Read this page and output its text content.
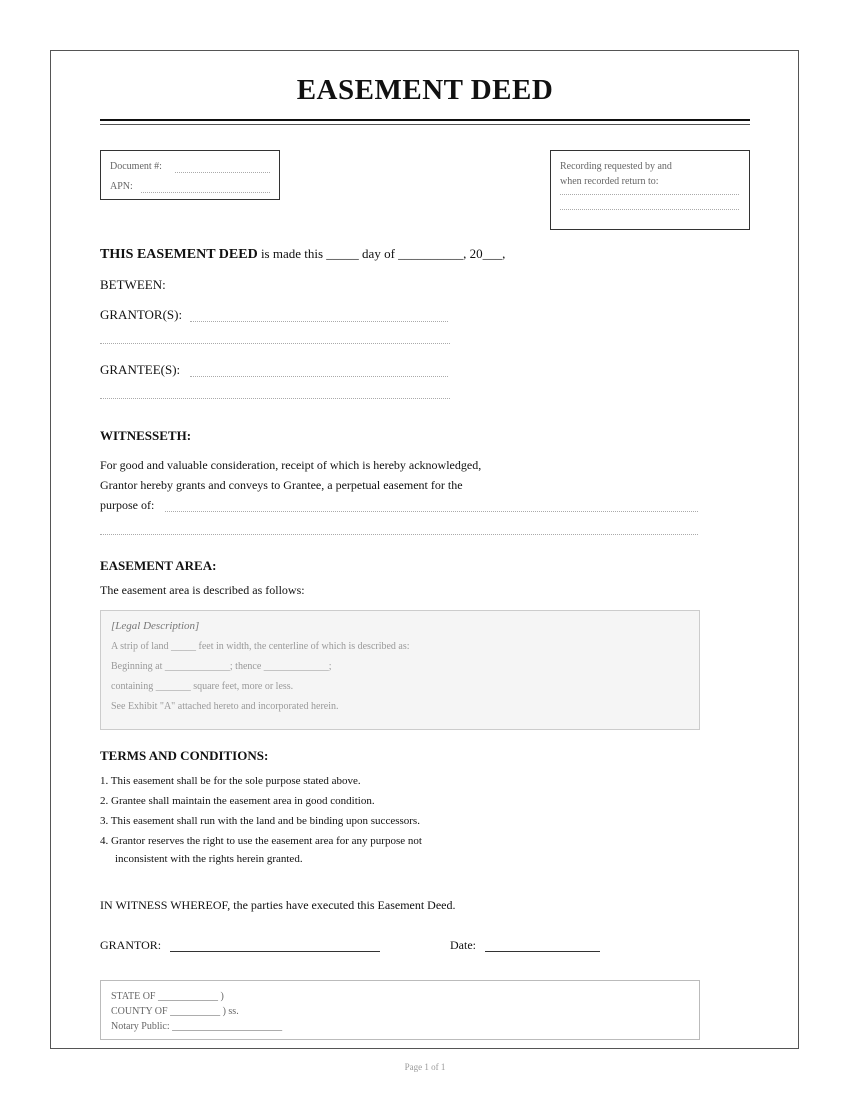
EASEMENT DEED
Document #:
APN:
Recording requested by and
when recorded return to:
THIS EASEMENT DEED is made this _____ day of __________, 20___,
BETWEEN:
GRANTOR(S):
GRANTEE(S):
WITNESSETH:
For good and valuable consideration, receipt of which is hereby acknowledged,
Grantor hereby grants and conveys to Grantee, a perpetual easement for the
purpose of:
EASEMENT AREA:
The easement area is described as follows:
[Legal Description]
A strip of land _____ feet in width, the centerline of which is described as:
Beginning at _____________; thence _____________;
containing _______ square feet, more or less.
See Exhibit "A" attached hereto and incorporated herein.
TERMS AND CONDITIONS:
1. This easement shall be for the sole purpose stated above.
2. Grantee shall maintain the easement area in good condition.
3. This easement shall run with the land and be binding upon successors.
4. Grantor reserves the right to use the easement area for any purpose not
inconsistent with the rights herein granted.
IN WITNESS WHEREOF, the parties have executed this Easement Deed.
GRANTOR:	Date:
STATE OF ____________ )
COUNTY OF __________ ) ss.
Notary Public: ______________________
Page 1 of 1
